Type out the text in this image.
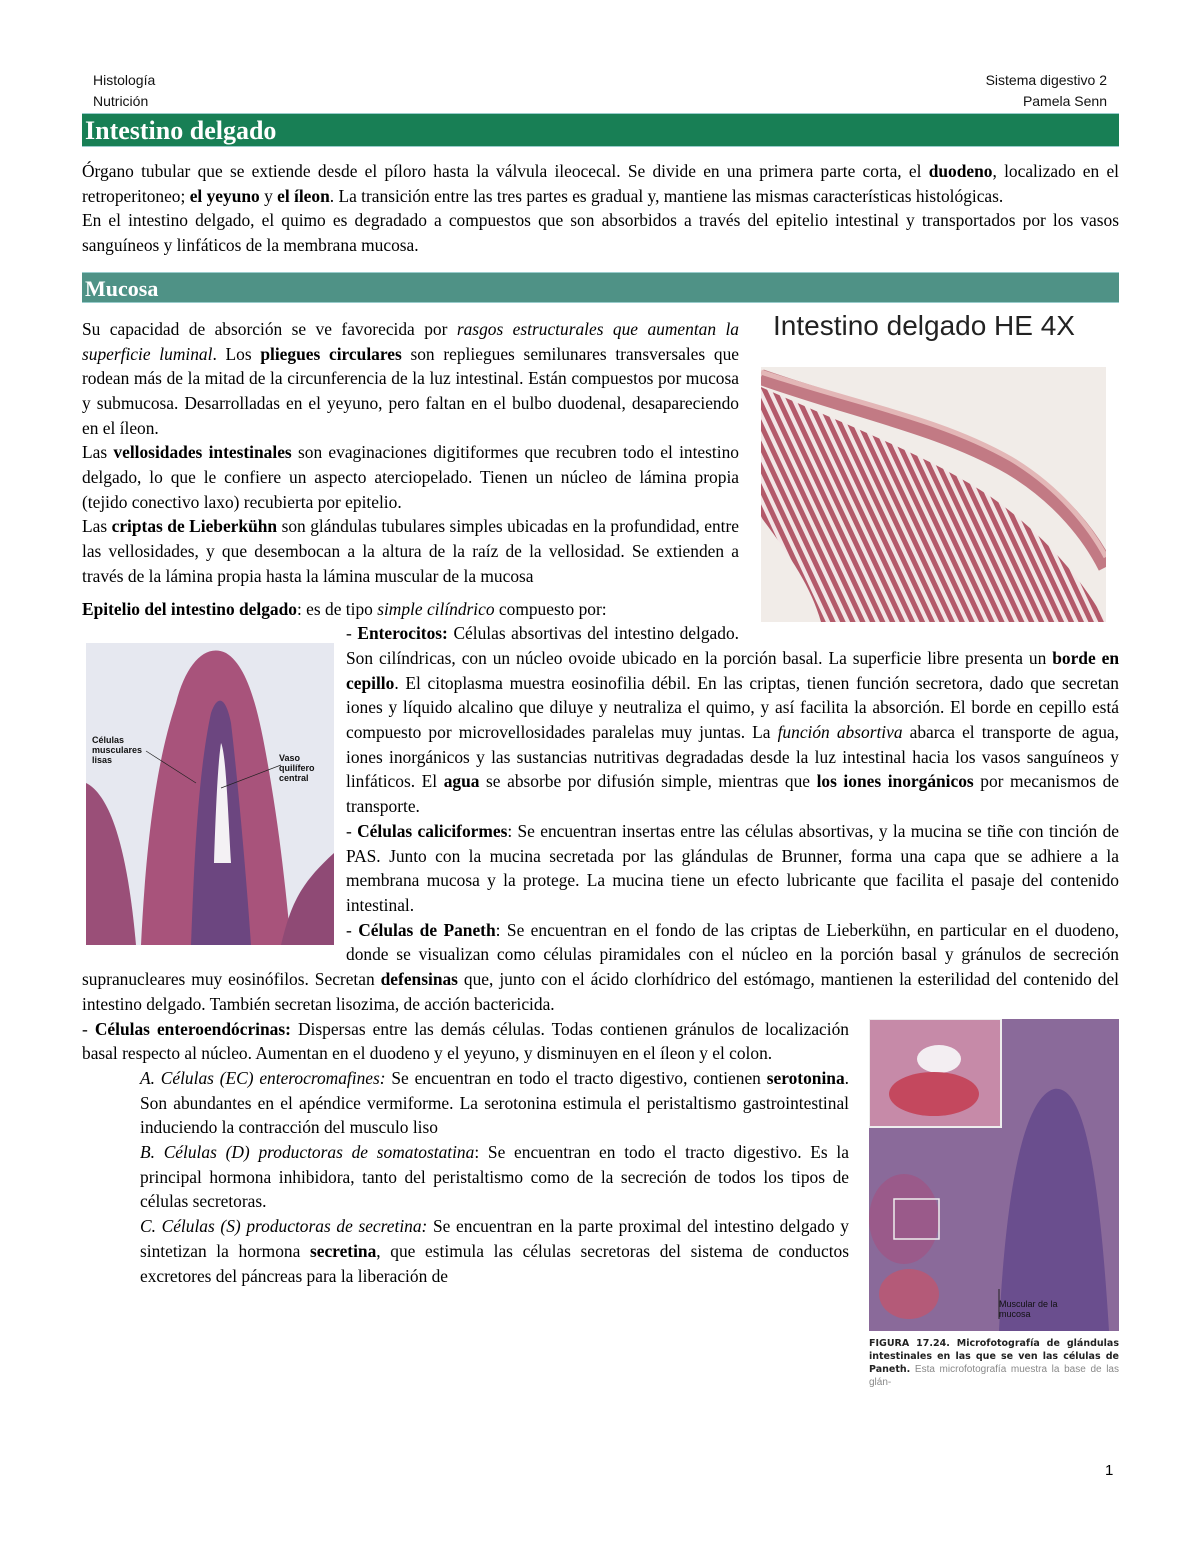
Histología
Nutrición
Sistema digestivo 2
Pamela Senn
Intestino delgado

Órgano tubular que se extiende desde el píloro hasta la válvula ileocecal. Se divide en una primera parte corta, el duodeno, localizado en el retroperitoneo; el yeyuno y el íleon. La transición entre las tres partes es gradual y, mantiene las mismas características histológicas.

En el intestino delgado, el quimo es degradado a compuestos que son absorbidos a través del epitelio intestinal y transportados por los vasos sanguíneos y linfáticos de la membrana mucosa.

Mucosa
Intestino delgado HE 4X

Su capacidad de absorción se ve favorecida por rasgos estructurales que aumentan la superficie luminal. Los pliegues circulares son repliegues semilunares transversales que rodean más de la mitad de la circunferencia de la luz intestinal. Están compuestos por mucosa y submucosa. Desarrolladas en el yeyuno, pero faltan en el bulbo duodenal, desapareciendo en el íleon.

Las vellosidades intestinales son evaginaciones digitiformes que recubren todo el intestino delgado, lo que le confiere un aspecto aterciopelado. Tienen un núcleo de lámina propia (tejido conectivo laxo) recubierta por epitelio.

Las criptas de Lieberkühn son glándulas tubulares simples ubicadas en la profundidad, entre las vellosidades, y que desembocan a la altura de la raíz de la vellosidad. Se extienden a través de la lámina propia hasta la lámina muscular de la mucosa

Células musculares lisas	Vaso quilífero central

Epitelio del intestino delgado: es de tipo simple cilíndrico compuesto por:

- Enterocitos: Células absortivas del intestino delgado. Son cilíndricas, con un núcleo ovoide ubicado en la porción basal. La superficie libre presenta un borde en cepillo. El citoplasma muestra eosinofilia débil. En las criptas, tienen función secretora, dado que secretan iones y líquido alcalino que diluye y neutraliza el quimo, y así facilita la absorción. El borde en cepillo está compuesto por microvellosidades paralelas muy juntas. La función absortiva abarca el transporte de agua, iones inorgánicos y las sustancias nutritivas degradadas desde la luz intestinal hacia los vasos sanguíneos y linfáticos. El agua se absorbe por difusión simple, mientras que los iones inorgánicos por mecanismos de transporte.

- Células caliciformes: Se encuentran insertas entre las células absortivas, y la mucina se tiñe con tinción de PAS. Junto con la mucina secretada por las glándulas de Brunner, forma una capa que se adhiere a la membrana mucosa y la protege. La mucina tiene un efecto lubricante que facilita el pasaje del contenido intestinal.

- Células de Paneth: Se encuentran en el fondo de las criptas de Lieberkühn, en particular en el duodeno, donde se visualizan como células piramidales con el núcleo en la porción basal y gránulos de secreción supranucleares muy eosinófilos. Secretan defensinas que, junto con el ácido clorhídrico del estómago, mantienen la esterilidad del contenido del intestino delgado. También secretan lisozima, de acción bactericida.

Muscular de la mucosa
FIGURA 17.24. Microfotografía de glándulas intestinales en las que se ven las células de Paneth. Esta microfotografía muestra la base de las glán-

- Células enteroendócrinas: Dispersas entre las demás células. Todas contienen gránulos de localización basal respecto al núcleo. Aumentan en el duodeno y el yeyuno, y disminuyen en el íleon y el colon.

A. Células (EC) enterocromafines: Se encuentran en todo el tracto digestivo, contienen serotonina. Son abundantes en el apéndice vermiforme. La serotonina estimula el peristaltismo gastrointestinal induciendo la contracción del musculo liso

B. Células (D) productoras de somatostatina: Se encuentran en todo el tracto digestivo. Es la principal hormona inhibidora, tanto del peristaltismo como de la secreción de todos los tipos de células secretoras.

C. Células (S) productoras de secretina: Se encuentran en la parte proximal del intestino delgado y sintetizan la hormona secretina, que estimula las células secretoras del sistema de conductos excretores del páncreas para la liberación de

1
